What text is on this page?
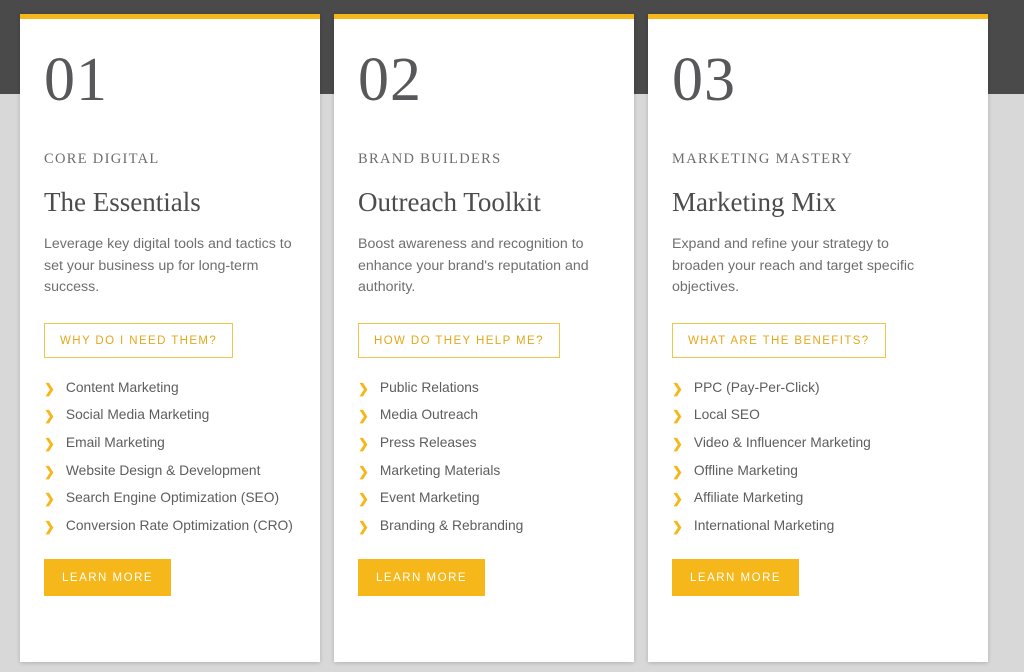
01
CORE DIGITAL
The Essentials
Leverage key digital tools and tactics to set your business up for long-term success.
WHY DO I NEED THEM?
❯ Content Marketing
❯ Social Media Marketing
❯ Email Marketing
❯ Website Design & Development
❯ Search Engine Optimization (SEO)
❯ Conversion Rate Optimization (CRO)
LEARN MORE
02
BRAND BUILDERS
Outreach Toolkit
Boost awareness and recognition to enhance your brand's reputation and authority.
HOW DO THEY HELP ME?
❯ Public Relations
❯ Media Outreach
❯ Press Releases
❯ Marketing Materials
❯ Event Marketing
❯ Branding & Rebranding
LEARN MORE
03
MARKETING MASTERY
Marketing Mix
Expand and refine your strategy to broaden your reach and target specific objectives.
WHAT ARE THE BENEFITS?
❯ PPC (Pay-Per-Click)
❯ Local SEO
❯ Video & Influencer Marketing
❯ Offline Marketing
❯ Affiliate Marketing
❯ International Marketing
LEARN MORE
